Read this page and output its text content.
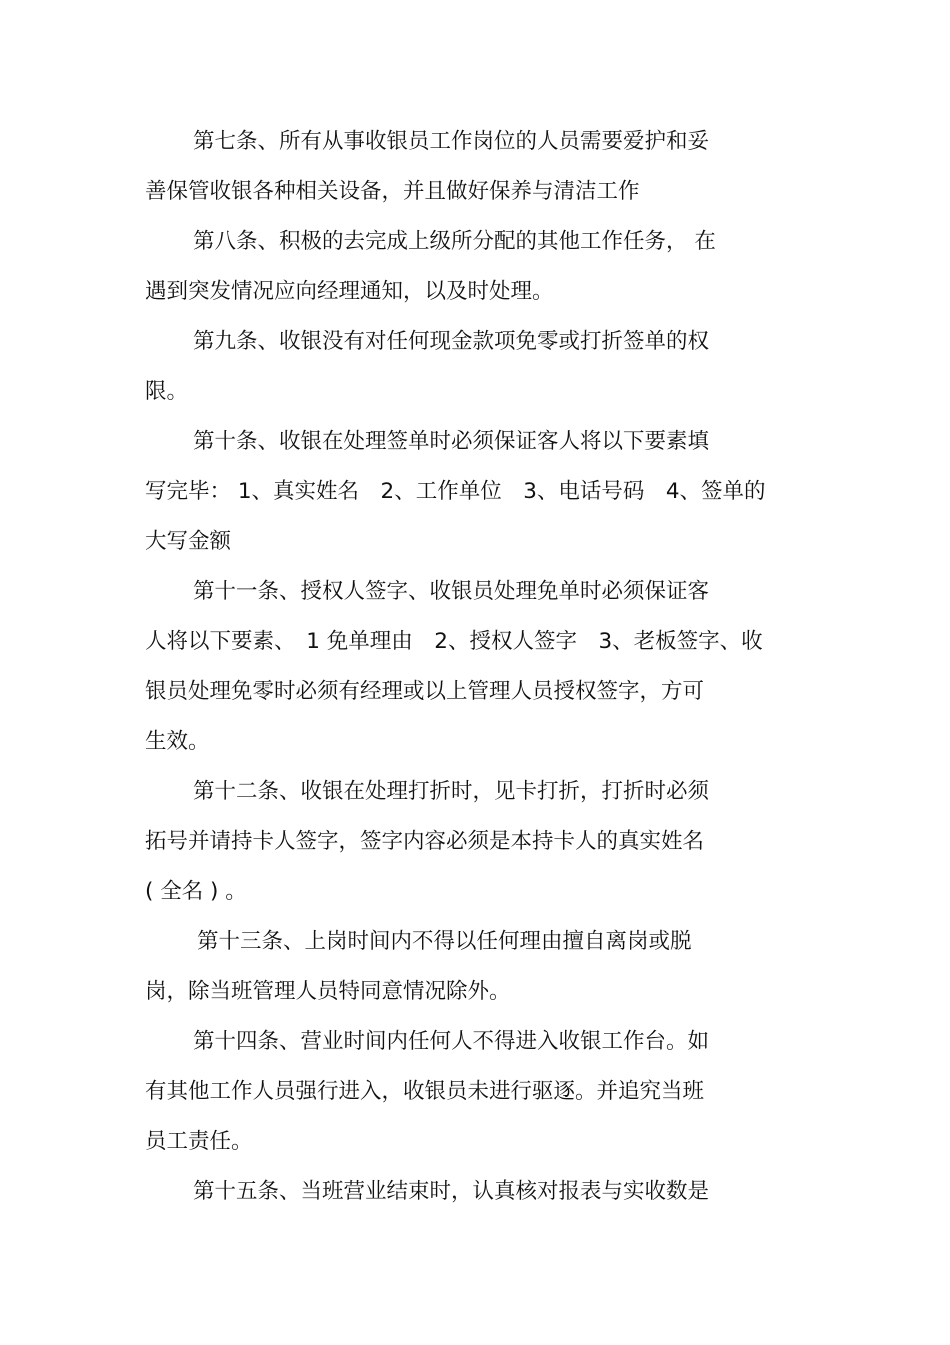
第七条、所有从事收银员工作岗位的人员需要爱护和妥
善保管收银各种相关设备，并且做好保养与清洁工作
第八条、积极的去完成上级所分配的其他工作任务， 在
遇到突发情况应向经理通知，以及时处理。
第九条、收银没有对任何现金款项免零或打折签单的权
限。
第十条、收银在处理签单时必须保证客人将以下要素填
写完毕： 1、真实姓名　2、工作单位　3、电话号码　4、签单的
大写金额
第十一条、授权人签字、收银员处理免单时必须保证客
人将以下要素、　1 免单理由　2、授权人签字　3、老板签字、收
银员处理免零时必须有经理或以上管理人员授权签字，方可
生效。
第十二条、收银在处理打折时，见卡打折，打折时必须
拓号并请持卡人签字，签字内容必须是本持卡人的真实姓名
( 全名 ) 。
第十三条、上岗时间内不得以任何理由擅自离岗或脱
岗，除当班管理人员特同意情况除外。
第十四条、营业时间内任何人不得进入收银工作台。如
有其他工作人员强行进入，收银员未进行驱逐。并追究当班
员工责任。
第十五条、当班营业结束时，认真核对报表与实收数是
